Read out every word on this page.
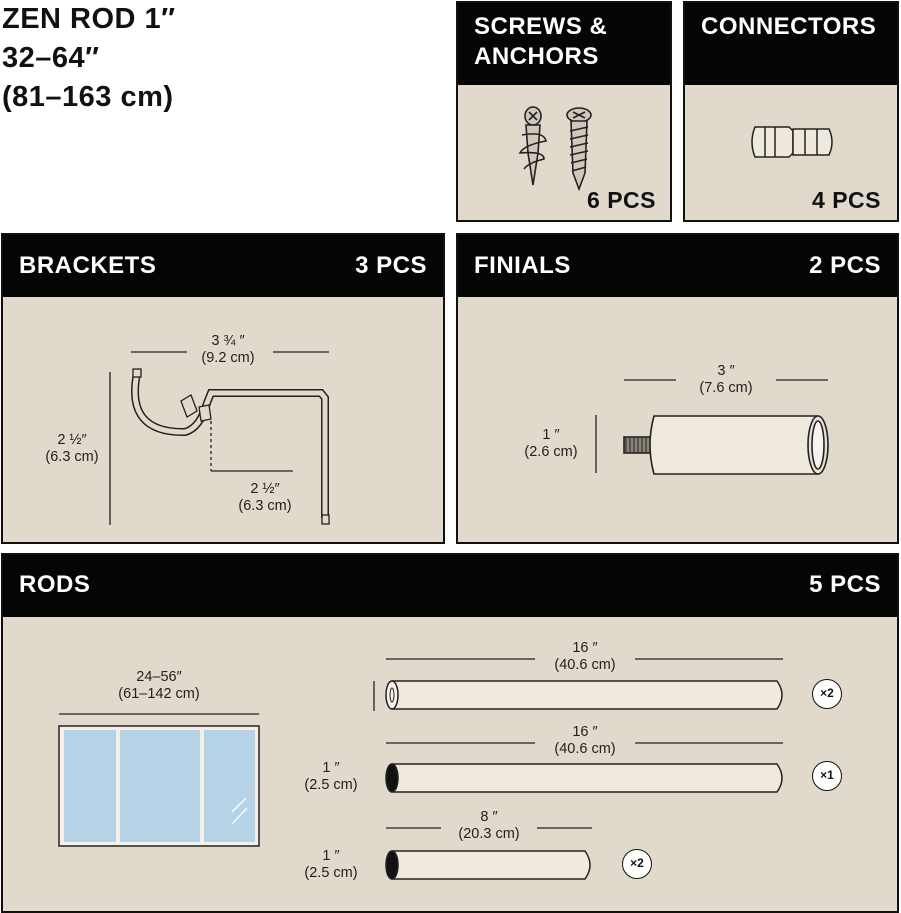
ZEN ROD 1″
32–64″
(81–163 cm)
SCREWS &
ANCHORS
6 PCS
CONNECTORS
4 PCS
BRACKETS	3 PCS
3 ¾ ″
(9.2 cm)
2 ½″
(6.3 cm)
2 ½″
(6.3 cm)
FINIALS	2 PCS
3 ″
(7.6 cm)
1 ″
(2.6 cm)
RODS	5 PCS
24–56″
(61–142 cm)
16 ″
(40.6 cm)
×2
16 ″
(40.6 cm)
1 ″
(2.5 cm)
×1
8 ″
(20.3 cm)
1 ″
(2.5 cm)
×2
